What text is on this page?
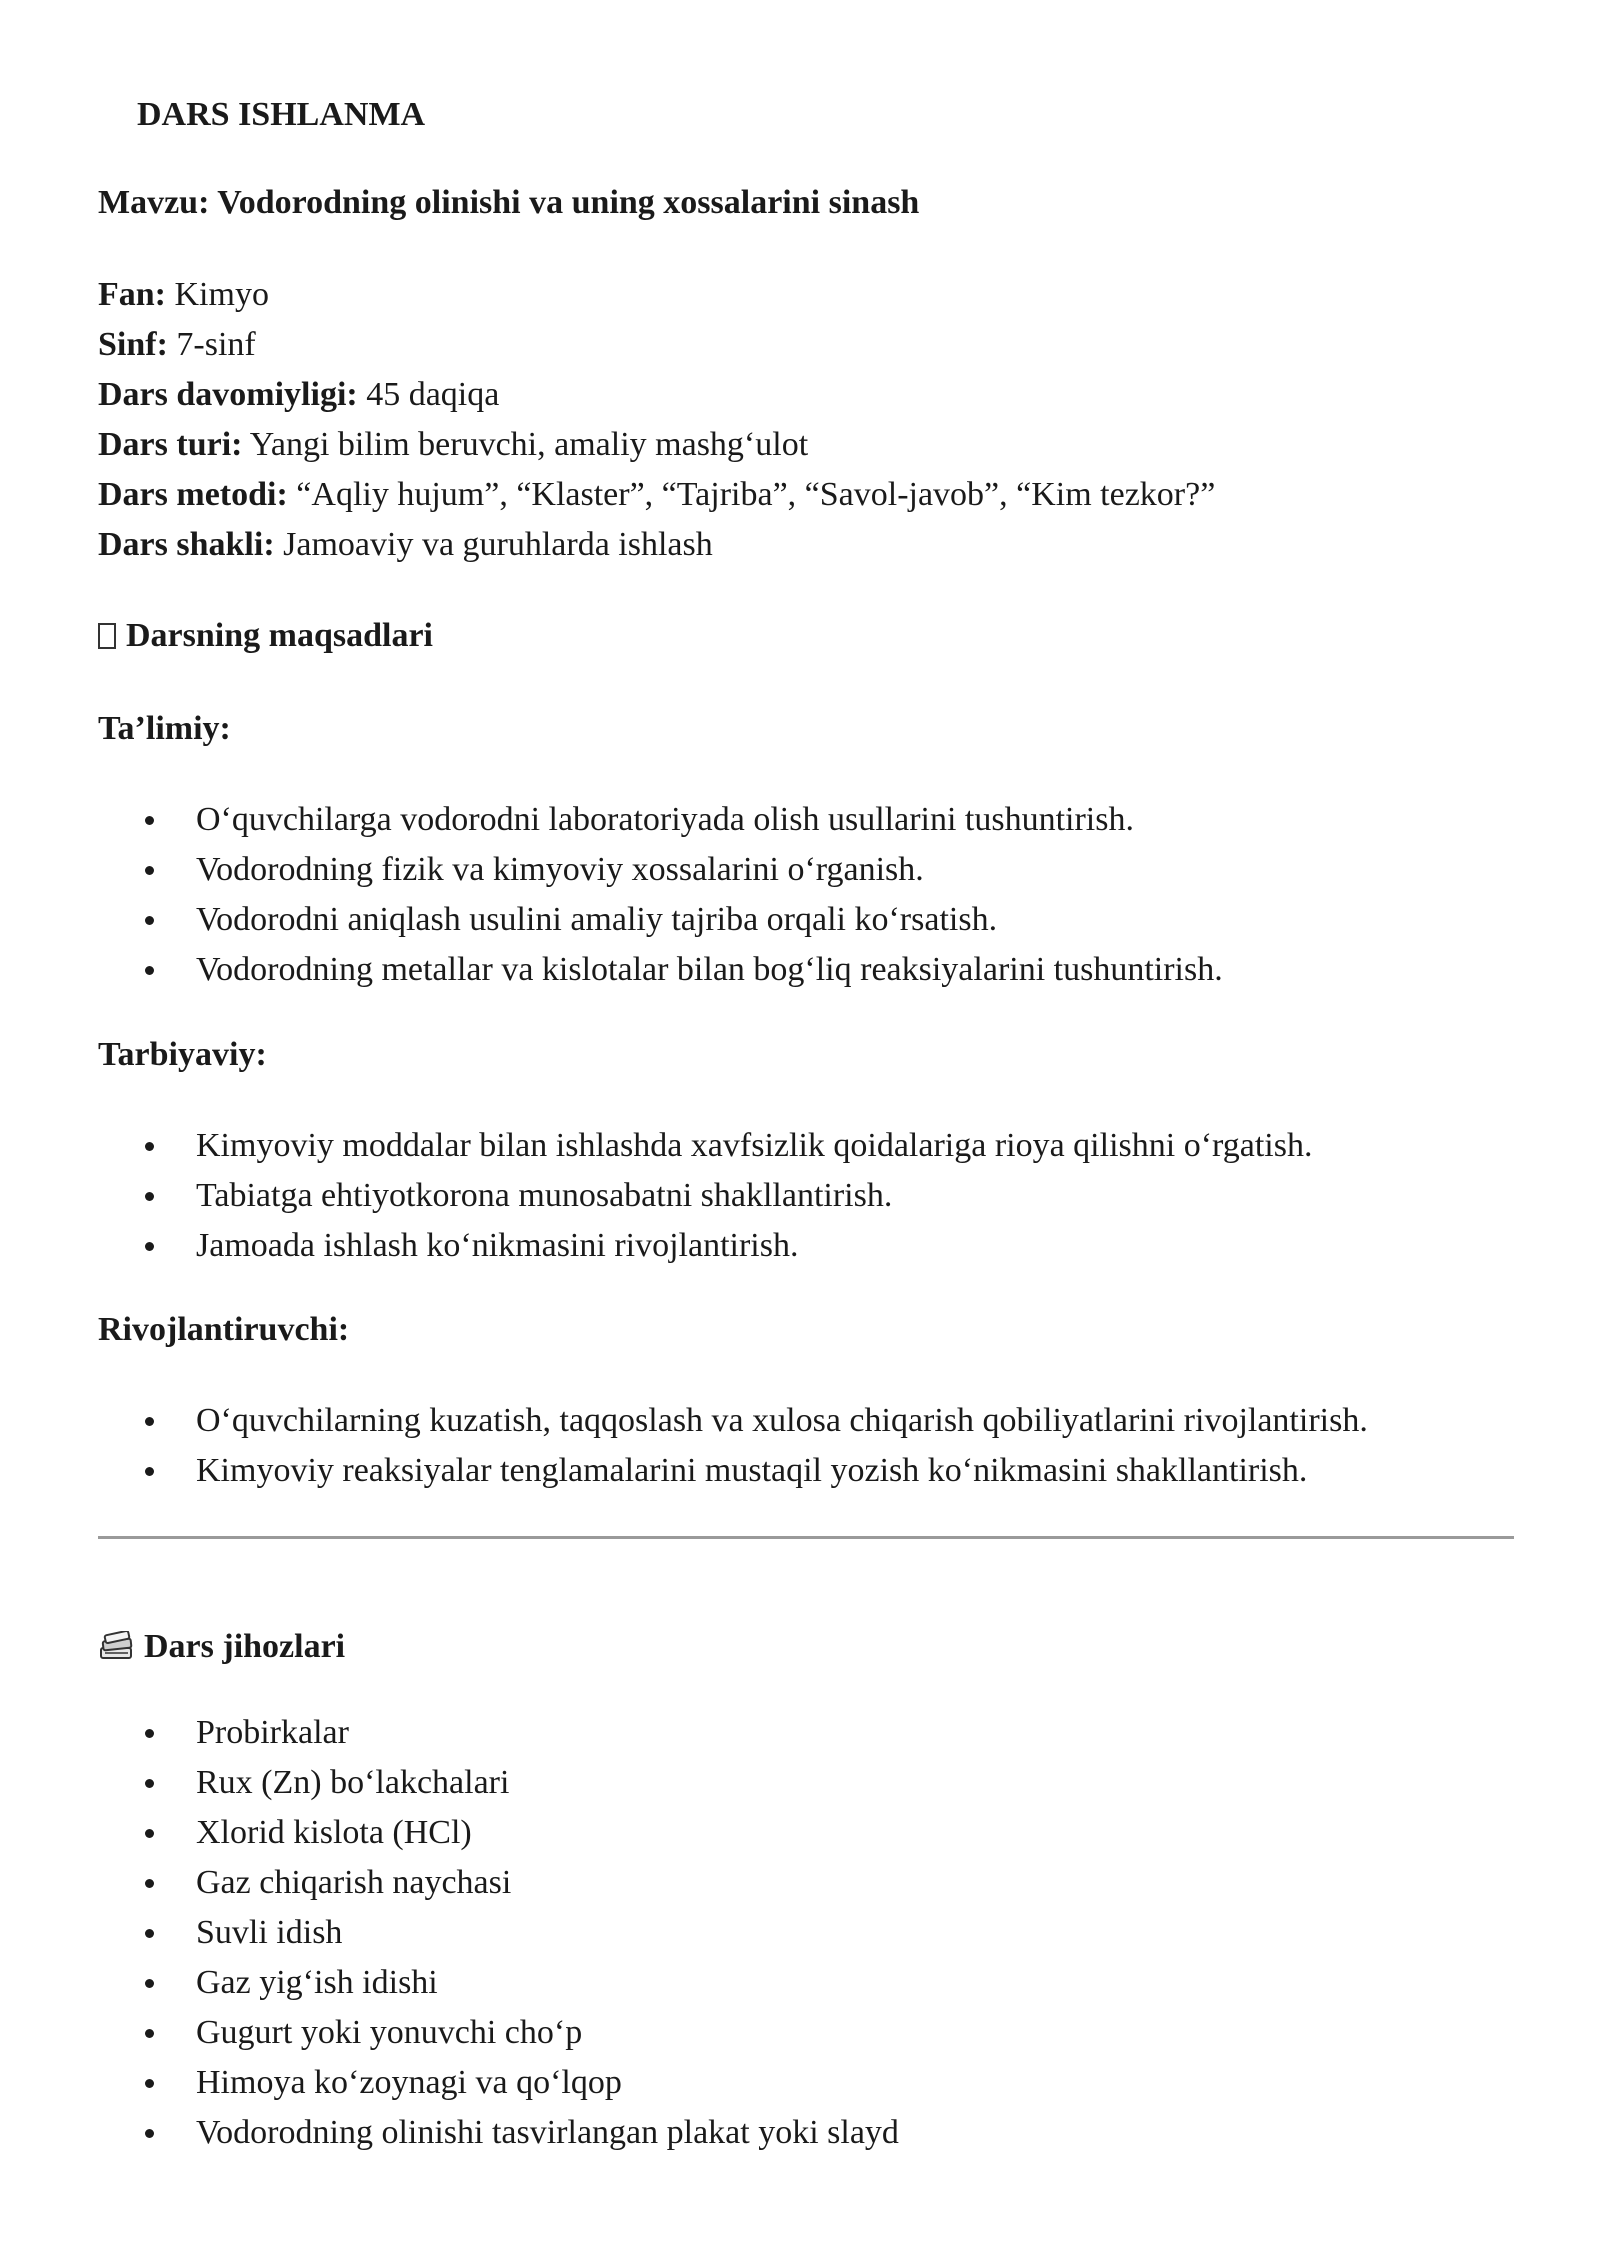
DARS ISHLANMA
Mavzu: Vodorodning olinishi va uning xossalarini sinash
Fan: Kimyo
Sinf: 7-sinf
Dars davomiyligi: 45 daqiqa
Dars turi: Yangi bilim beruvchi, amaliy mashg‘ulot
Dars metodi: “Aqliy hujum”, “Klaster”, “Tajriba”, “Savol-javob”, “Kim tezkor?”
Dars shakli: Jamoaviy va guruhlarda ishlash
Darsning maqsadlari
Ta’limiy:
O‘quvchilarga vodorodni laboratoriyada olish usullarini tushuntirish.
Vodorodning fizik va kimyoviy xossalarini o‘rganish.
Vodorodni aniqlash usulini amaliy tajriba orqali ko‘rsatish.
Vodorodning metallar va kislotalar bilan bog‘liq reaksiyalarini tushuntirish.
Tarbiyaviy:
Kimyoviy moddalar bilan ishlashda xavfsizlik qoidalariga rioya qilishni o‘rgatish.
Tabiatga ehtiyotkorona munosabatni shakllantirish.
Jamoada ishlash ko‘nikmasini rivojlantirish.
Rivojlantiruvchi:
O‘quvchilarning kuzatish, taqqoslash va xulosa chiqarish qobiliyatlarini rivojlantirish.
Kimyoviy reaksiyalar tenglamalarini mustaqil yozish ko‘nikmasini shakllantirish.
Dars jihozlari
Probirkalar
Rux (Zn) bo‘lakchalari
Xlorid kislota (HCl)
Gaz chiqarish naychasi
Suvli idish
Gaz yig‘ish idishi
Gugurt yoki yonuvchi cho‘p
Himoya ko‘zoynagi va qo‘lqop
Vodorodning olinishi tasvirlangan plakat yoki slayd
